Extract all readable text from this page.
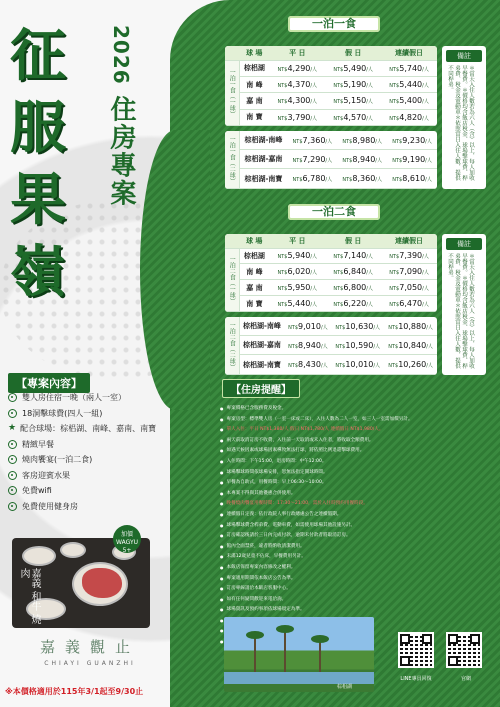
征
服
果
嶺
2026 住房專案
【專案內容】
雙人房住宿一晚（兩人一室）
18洞擊球費(四人一組)
★ 配合球場：棕梠湖、南峰、嘉南、南寶
精緻早餐
燒肉饗宴(一泊二食)
客房迎賓水果
免費wifi
免費使用健身房
嘉義 和牛 燒肉
加價 WAGYU 5+
嘉義觀止
CHIAYI GUANZHI
※本價格適用於115年3/1起至9/30止
一泊一食
	球 場	平 日	假 日	連續假日
一泊一食（一球）	棕梠湖	NT$4,290/人	NT$5,490/人	NT$5,740/人
	南 峰	NT$4,370/人	NT$5,190/人	NT$5,440/人
	嘉 南	NT$4,300/人	NT$5,150/人	NT$5,400/人
	南 寶	NT$3,790/人	NT$4,570/人	NT$4,820/人
一泊一食（二球）	棕梠湖-南峰	NT$7,360/人	NT$8,980/人	NT$9,230/人
	棕梠湖-嘉南	NT$7,290/人	NT$8,940/人	NT$9,190/人
	棕梠湖-南寶	NT$6,780/人	NT$8,360/人	NT$8,610/人
備註
＊當天入住人數若為六人（含）以上，每人加收早餐費。＊價格均含飯店稅金、球場擊球費、桿弟費、稅金及電動車＊依照當日入住人數，提供不同桿弟。
一泊二食
	球 場	平 日	假 日	連續假日
一泊二食（一球）	棕梠湖	NT$5,940/人	NT$7,140/人	NT$7,390/人
	南 峰	NT$6,020/人	NT$6,840/人	NT$7,090/人
	嘉 南	NT$5,950/人	NT$6,800/人	NT$7,050/人
	南 寶	NT$5,440/人	NT$6,220/人	NT$6,470/人
一泊二食（二球）	棕梠湖-南峰	NT$9,010/人	NT$10,630/人	NT$10,880/人
	棕梠湖-嘉南	NT$8,940/人	NT$10,590/人	NT$10,840/人
	棕梠湖-南寶	NT$8,430/人	NT$10,010/人	NT$10,260/人
備註
＊當天入住人數若為六人（含）以上，每人加收早餐費。＊價格均含飯店稅金、球場擊球費、桿弟費、稅金及電動車＊依照當日入住人數，提供不同桿弟。
【住房提醒】
● 專案價格已含服務費及稅金。
● 專案房型：標準雙人房（一室一床或二床），入住人數為二人一室，如三人一室需加價另計。
● 單人入住：平日 NT$1,380/人 假日 NT$1,780/人 連續假日 NT$1,980/人。
● 兩天前取消訂房不收費，入住前一天取消或未入住者，將收取全額費用。
● 如遇天候因素或球場因素導致無法打球，將依照比例退還擊球費用。
● 入住時間：下午15:00，退房時間：中午12:00。
● 球場擊球時間依球場安排，恕無法指定開球時間。
● 早餐為自助式，用餐時間：早上06:30～10:00。
● 本專案不得與其他優惠合併使用。
● 晚餐燒肉饗宴用餐時間：17:30～21:00，需於入住時預約用餐時段。
● 連續假日定義：依行政院人事行政總處公告之連續假期。
● 球場擊球費含桿弟費、電動車費，如需使用球場其他設施另計。
● 訂房確認後請於三日內完成付款，逾期未付款者將取消訂房。
● 館內全面禁菸，違者將酌收清潔費用。
● 未滿12歲兒童不佔床，早餐費用另計。
● 本飯店保留專案內容修改之權利。
● 專案適用期間依本飯店公告為準。
● 訂房專線請洽本飯店客服中心。
● 如有任何疑問歡迎來電洽詢。
● 球場資訊及預約事項依球場規定為準。
●
●
●
棕梠湖
LINE專員回復	官網
